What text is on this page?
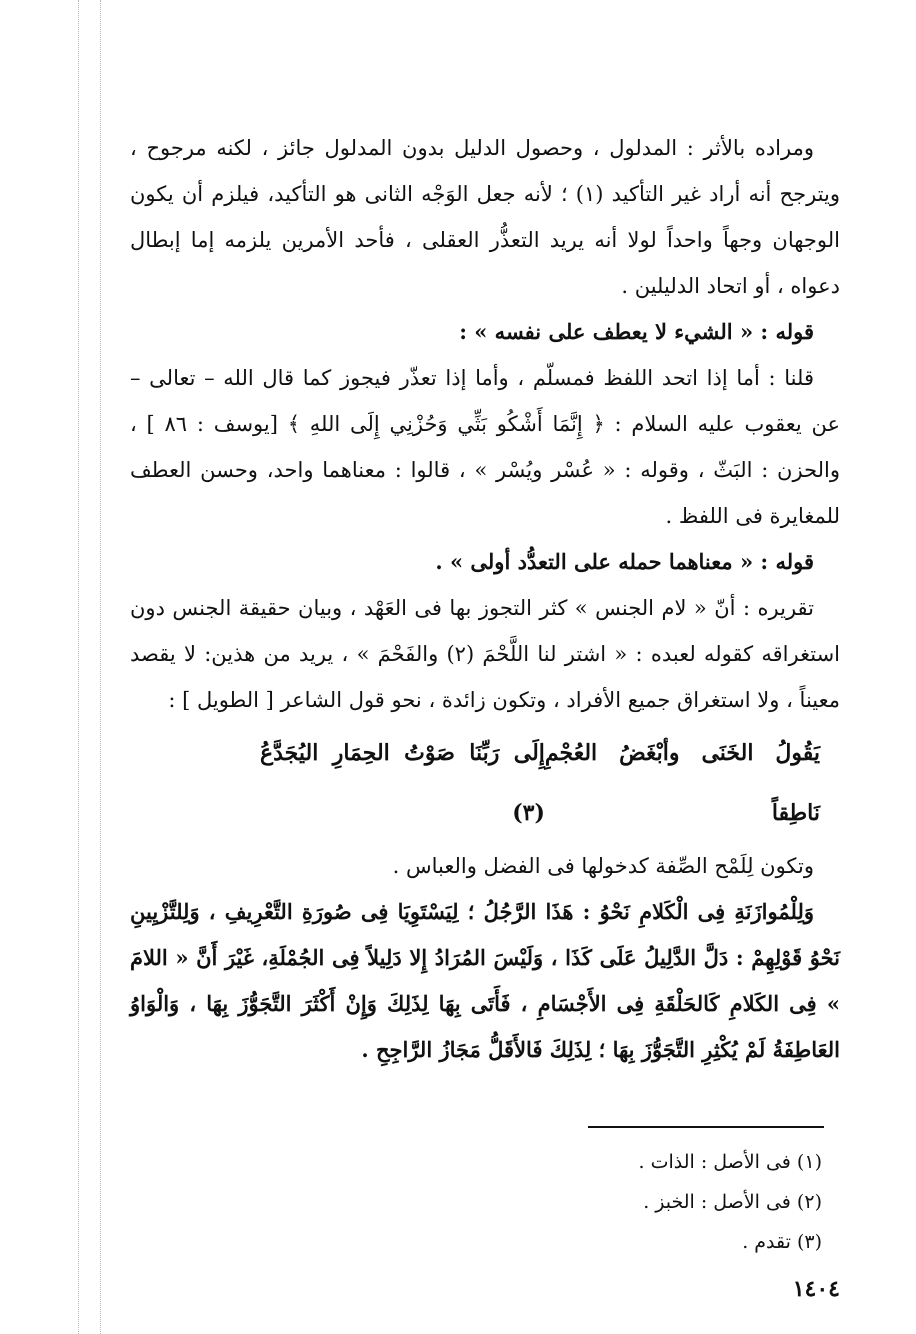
ومراده بالأثر : المدلول ، وحصول الدليل بدون المدلول جائز ، لكنه مرجوح ، ويترجح أنه أراد غير التأكيد (١) ؛ لأنه جعل الوَجْه الثانى هو التأكيد، فيلزم أن يكون الوجهان وجهاً واحداً لولا أنه يريد التعذُّر العقلى ، فأحد الأمرين يلزمه إما إبطال دعواه ، أو اتحاد الدليلين .

قوله : « الشيء لا يعطف على نفسه » :

قلنا : أما إذا اتحد اللفظ فمسلّم ، وأما إذا تعذّر فيجوز كما قال الله – تعالى – عن يعقوب عليه السلام : ﴿ إِنَّمَا أَشْكُو بَثِّي وَحُزْنِي إِلَى اللهِ ﴾ [يوسف : ٨٦ ] ، والحزن : البَثّ ، وقوله : « عُسْر ويُسْر » ، قالوا : معناهما واحد، وحسن العطف للمغايرة فى اللفظ .

قوله : « معناهما حمله على التعدُّد أولى » .

تقريره : أنّ « لام الجنس » كثر التجوز بها فى العَهْد ، وبيان حقيقة الجنس دون استغراقه كقوله لعبده : « اشتر لنا اللَّحْمَ (٢) والفَحْمَ » ، يريد من هذين: لا يقصد معيناً ، ولا استغراق جميع الأفراد ، وتكون زائدة ، نحو قول الشاعر [ الطويل ] :

يَقُولُ الخَنَى وأبْغَضُ العُجْمِ نَاطِقاً
إِلَى رَبِّنَا صَوْتُ الحِمَارِ اليُجَدَّعُ (٣)

وتكون لِلَمْح الصِّفة كدخولها فى الفضل والعباس .

وَلِلْمُوازَنَةِ فِى الْكَلامِ نَحْوُ : هَذَا الرَّجُلُ ؛ لِيَسْتَوِيَا فِى صُورَةِ التَّعْرِيفِ ، وَلِلتَّزْيِينِ نَحْوُ قَوْلِهِمْ : دَلَّ الدَّلِيلُ عَلَى كَذَا ، وَلَيْسَ المُرَادُ إِلا دَلِيلاً فِى الجُمْلَةِ، غَيْرَ أَنَّ « اللامَ » فِى الكَلامِ كَالحَلْقَةِ فِى الأَجْسَامِ ، فَأَتَى بِهَا لِذَلِكَ وَإِنْ أَكْثَرَ التَّجَوُّزَ بِهَا ، وَالْوَاوُ العَاطِفَةُ لَمْ يُكْثِرِ التَّجَوُّزَ بِهَا ؛ لِذَلِكَ فَالأَقَلُّ مَجَازُ الرَّاجِحِ .

(١) فى الأصل : الذات .
(٢) فى الأصل : الخبز .
(٣) تقدم .
١٤٠٤
